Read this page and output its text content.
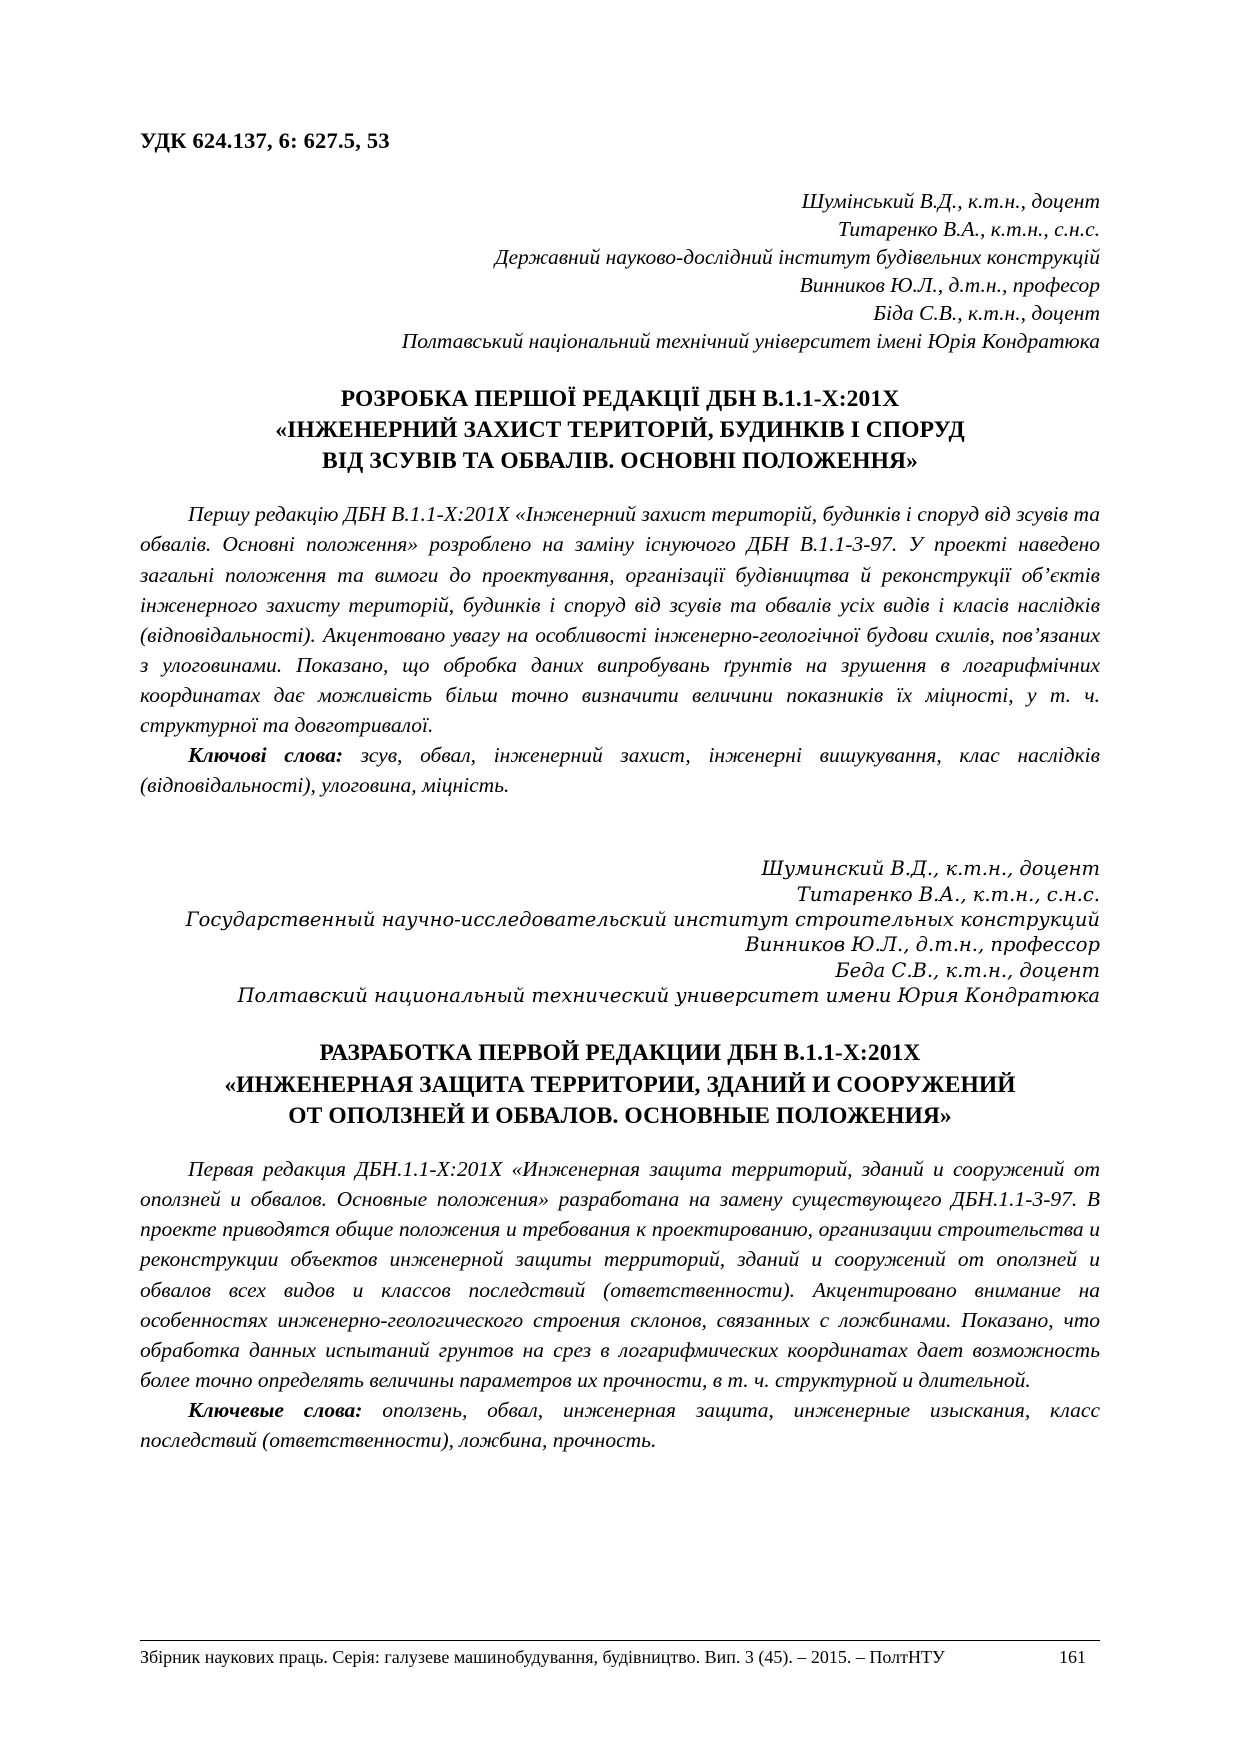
УДК 624.137, 6: 627.5, 53
Шумінський В.Д., к.т.н., доцент
Титаренко В.А., к.т.н., с.н.с.
Державний науково-дослідний інститут будівельних конструкцій
Винников Ю.Л., д.т.н., професор
Біда С.В., к.т.н., доцент
Полтавський національний технічний університет імені Юрія Кондратюка
РОЗРОБКА ПЕРШОЇ РЕДАКЦІЇ ДБН В.1.1-Х:201Х
«ІНЖЕНЕРНИЙ ЗАХИСТ ТЕРИТОРІЙ, БУДИНКІВ І СПОРУД
ВІД ЗСУВІВ ТА ОБВАЛІВ. ОСНОВНІ ПОЛОЖЕННЯ»

Першу редакцію ДБН В.1.1-Х:201Х «Інженерний захист територій, будинків і споруд від зсувів та обвалів. Основні положення» розроблено на заміну існуючого ДБН В.1.1-3-97. У проекті наведено загальні положення та вимоги до проектування, організації будівництва й реконструкції об’єктів інженерного захисту територій, будинків і споруд від зсувів та обвалів усіх видів і класів наслідків (відповідальності). Акцентовано увагу на особливості інженерно-геологічної будови схилів, пов’язаних з улоговинами. Показано, що обробка даних випробувань ґрунтів на зрушення в логарифмічних координатах дає можливість більш точно визначити величини показників їх міцності, у т. ч. структурної та довготривалої.

Ключові слова: зсув, обвал, інженерний захист, інженерні вишукування, клас наслідків (відповідальності), улоговина, міцність.

Шуминский В.Д., к.т.н., доцент
Титаренко В.А., к.т.н., с.н.с.
Государственный научно-исследовательский институт строительных конструкций
Винников Ю.Л., д.т.н., профессор
Беда С.В., к.т.н., доцент
Полтавский национальный технический университет имени Юрия Кондратюка
РАЗРАБОТКА ПЕРВОЙ РЕДАКЦИИ ДБН В.1.1-Х:201Х
«ИНЖЕНЕРНАЯ ЗАЩИТА ТЕРРИТОРИИ, ЗДАНИЙ И СООРУЖЕНИЙ
ОТ ОПОЛЗНЕЙ И ОБВАЛОВ. ОСНОВНЫЕ ПОЛОЖЕНИЯ»

Первая редакция ДБН.1.1-Х:201Х «Инженерная защита территорий, зданий и сооружений от оползней и обвалов. Основные положения» разработана на замену существующего ДБН.1.1-3-97. В проекте приводятся общие положения и требования к проектированию, организации строительства и реконструкции объектов инженерной защиты территорий, зданий и сооружений от оползней и обвалов всех видов и классов последствий (ответственности). Акцентировано внимание на особенностях инженерно-геологического строения склонов, связанных с ложбинами. Показано, что обработка данных испытаний грунтов на срез в логарифмических координатах дает возможность более точно определять величины параметров их прочности, в т. ч. структурной и длительной.

Ключевые слова: оползень, обвал, инженерная защита, инженерные изыскания, класс последствий (ответственности), ложбина, прочность.

Збірник наукових праць. Серія: галузеве машинобудування, будівництво. Вип. 3 (45). – 2015. – ПолтНТУ	161
